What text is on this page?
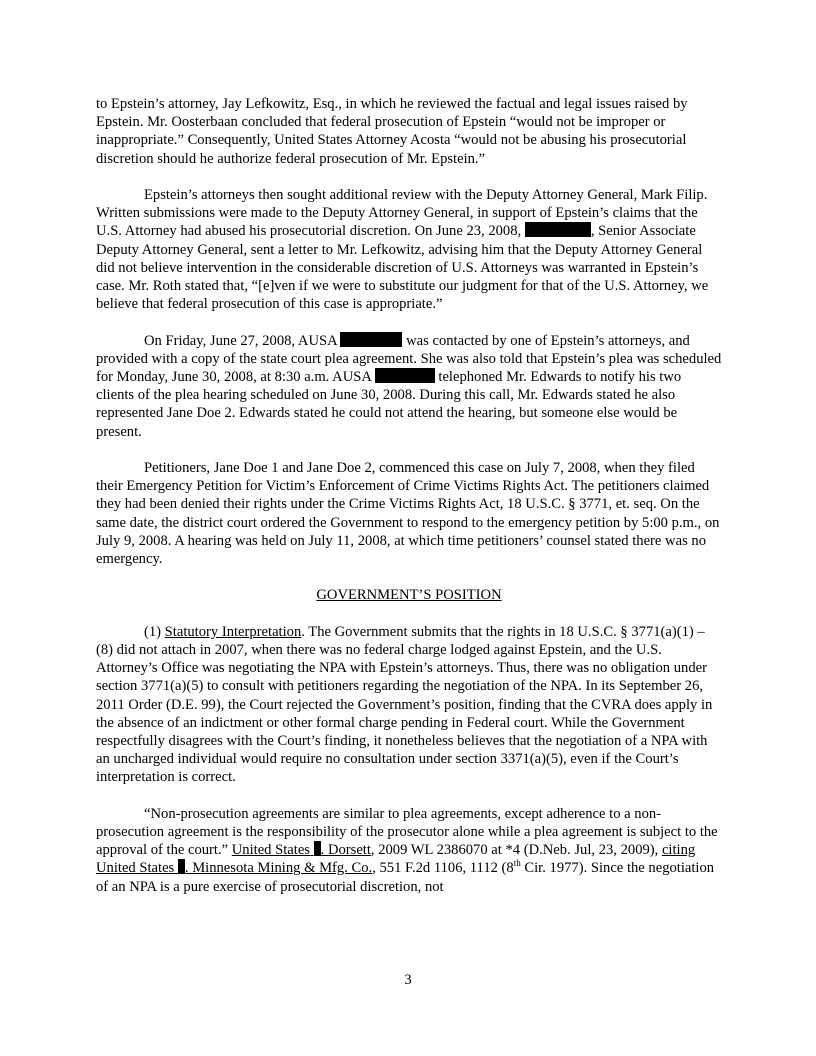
to Epstein’s attorney, Jay Lefkowitz, Esq., in which he reviewed the factual and legal issues raised by Epstein. Mr. Oosterbaan concluded that federal prosecution of Epstein “would not be improper or inappropriate.” Consequently, United States Attorney Acosta “would not be abusing his prosecutorial discretion should he authorize federal prosecution of Mr. Epstein.”

Epstein’s attorneys then sought additional review with the Deputy Attorney General, Mark Filip. Written submissions were made to the Deputy Attorney General, in support of Epstein’s claims that the U.S. Attorney had abused his prosecutorial discretion. On June 23, 2008,	, Senior Associate Deputy Attorney General, sent a letter to Mr. Lefkowitz, advising him that the Deputy Attorney General did not believe intervention in the considerable discretion of U.S. Attorneys was warranted in Epstein’s case. Mr. Roth stated that, “[e]ven if we were to substitute our judgment for that of the U.S. Attorney, we believe that federal prosecution of this case is appropriate.”

On Friday, June 27, 2008, AUSA	was contacted by one of Epstein’s attorneys, and provided with a copy of the state court plea agreement. She was also told that Epstein’s plea was scheduled for Monday, June 30, 2008, at 8:30 a.m. AUSA	telephoned Mr. Edwards to notify his two clients of the plea hearing scheduled on June 30, 2008. During this call, Mr. Edwards stated he also represented Jane Doe 2. Edwards stated he could not attend the hearing, but someone else would be present.

Petitioners, Jane Doe 1 and Jane Doe 2, commenced this case on July 7, 2008, when they filed their Emergency Petition for Victim’s Enforcement of Crime Victims Rights Act. The petitioners claimed they had been denied their rights under the Crime Victims Rights Act, 18 U.S.C. § 3771, et. seq. On the same date, the district court ordered the Government to respond to the emergency petition by 5:00 p.m., on July 9, 2008. A hearing was held on July 11, 2008, at which time petitioners’ counsel stated there was no emergency.

GOVERNMENT’S POSITION

(1) Statutory Interpretation. The Government submits that the rights in 18 U.S.C. § 3771(a)(1) – (8) did not attach in 2007, when there was no federal charge lodged against Epstein, and the U.S. Attorney’s Office was negotiating the NPA with Epstein’s attorneys. Thus, there was no obligation under section 3771(a)(5) to consult with petitioners regarding the negotiation of the NPA. In its September 26, 2011 Order (D.E. 99), the Court rejected the Government’s position, finding that the CVRA does apply in the absence of an indictment or other formal charge pending in Federal court. While the Government respectfully disagrees with the Court’s finding, it nonetheless believes that the negotiation of a NPA with an uncharged individual would require no consultation under section 3371(a)(5), even if the Court’s interpretation is correct.

“Non-prosecution agreements are similar to plea agreements, except adherence to a non-prosecution agreement is the responsibility of the prosecutor alone while a plea agreement is subject to the approval of the court.” United States . Dorsett, 2009 WL 2386070 at *4 (D.Neb. Jul, 23, 2009), citing United States . Minnesota Mining & Mfg. Co., 551 F.2d 1106, 1112 (8th Cir. 1977). Since the negotiation of an NPA is a pure exercise of prosecutorial discretion, not

3
